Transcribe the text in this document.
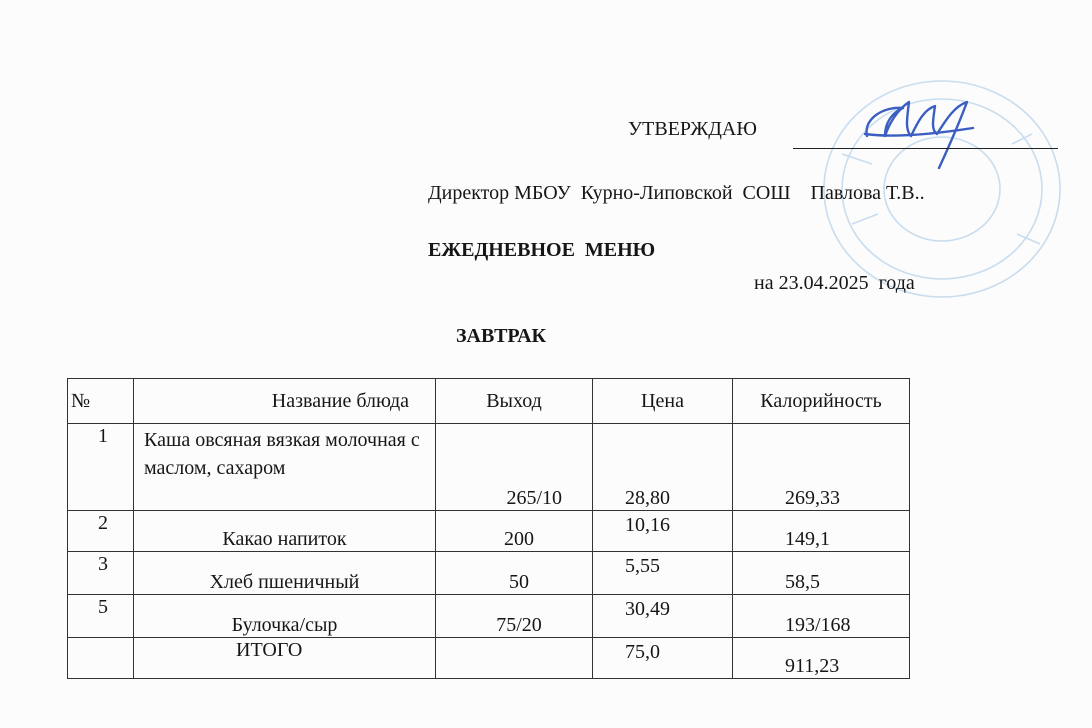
УТВЕРЖДАЮ
Директор МБОУ  Курно-Липовской  СОШ    Павлова Т.В..
ЕЖЕДНЕВНОЕ  МЕНЮ
на 23.04.2025  года
ЗАВТРАК
№	Название блюда	Выход	Цена	Калорийность
1	Каша овсяная вязкая молочная с маслом, сахаром	265/10	28,80	269,33
2	Какао напиток	200	10,16	149,1
3	Хлеб пшеничный	50	5,55	58,5
5	Булочка/сыр	75/20	30,49	193/168
	ИТОГО		75,0	911,23
